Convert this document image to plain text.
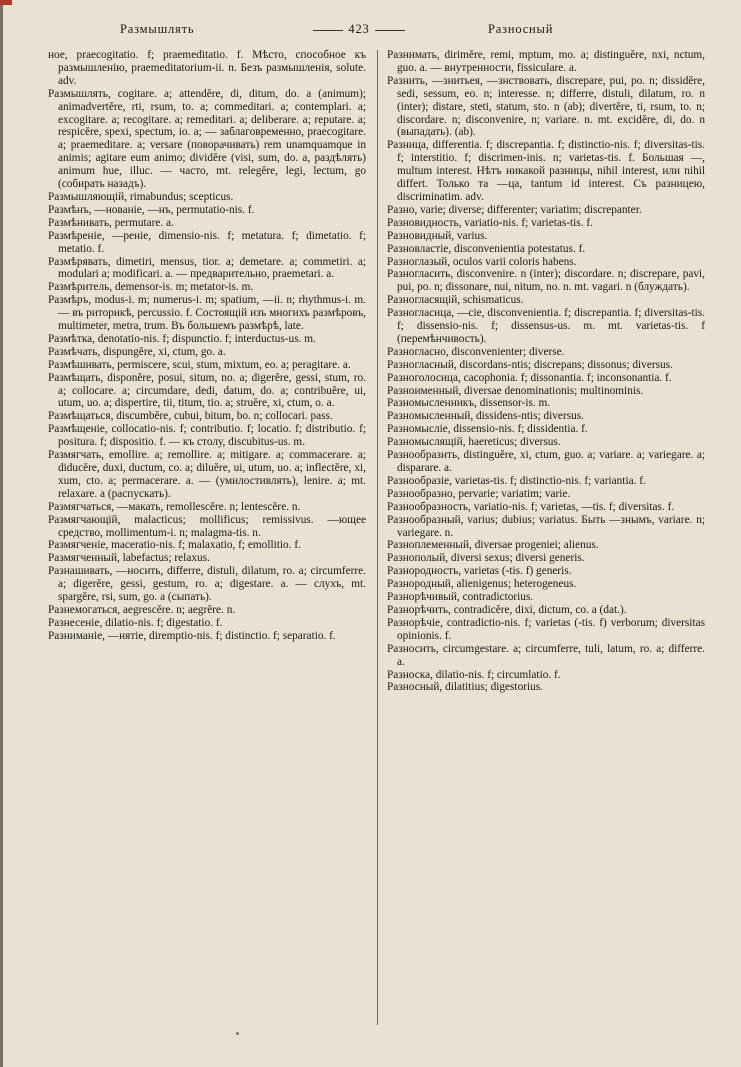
Размышлять	423	Разносный

ное, praecogitatio. f; praemeditatio. f. Мѣсто, способное къ размышленію, praemeditatorium-ii. n. Безъ размышленія, solute. adv.

Размышлять, cogitare. a; attendĕre, di, ditum, do. a (animum); animadvertĕre, rti, rsum, to. a; commeditari. a; contemplari. a; excogitare. a; recogitare. a; remeditari. a; deliberare. a; reputare. a; respicĕre, spexi, spectum, io. a; — заблаговременно, praecogitare. a; praemeditare. a; versare (поворачивать) rem unamquamque in animis; agitare eum animo; dividĕre (visi, sum, do. a, раздѣлять) animum hue, illuc. — часто, mt. relegĕre, legi, lectum, go (собирать назадъ).

Размышляющій, rimabundus; scepticus.

Размѣнъ, —нованіе, —нъ, permutatio-nis. f.

Размѣнивать, permutare. a.

Размѣреніе, —реніе, dimensio-nis. f; metatura. f; dimetatio. f; metatio. f.

Размѣрявать, dimetiri, mensus, tior. a; demetare. a; commetiri. a; modulari a; modificari. a. — предварительно, praemetari. a.

Размѣритель, demensor-is. m; metator-is. m.

Размѣръ, modus-i. m; numerus-i. m; spatium, —ii. n; rhythmus-i. m. — въ риторикѣ, percussio. f. Состоящій изъ многихъ размѣровъ, multimeter, metra, trum. Въ большемъ размѣрѣ, late.

Размѣтка, denotatio-nis. f; dispunctio. f; interductus-us. m.

Размѣчать, dispungĕre, xi, ctum, go. a.

Размѣшивать, permiscere, scui, stum, mixtum, eo. a; peragitare. a.

Размѣщать, disponĕre, posui, situm, no. a; digerĕre, gessi, stum, ro. a; collocare. a; circumdare, dedi, datum, do. a; contribuĕre, ui, utum, uo. a; dispertire, tii, titum, tio. a; struĕre, xi, ctum, o. a.

Размѣщаться, discumbĕre, cubui, bitum, bo. n; collocari. pass.

Размѣщеніе, collocatio-nis. f; contributio. f; locatio. f; distributio. f; positura. f; dispositio. f. — къ столу, discubitus-us. m.

Размягчать, emollire. a; remollire. a; mitigare. a; commacerare. a; diducĕre, duxi, ductum, co. a; diluĕre, ui, utum, uo. a; inflectĕre, xi, xum, cto. a; permacerare. a. — (умилостивлять), lenire. a; mt. relaxare. a (распускать).

Размягчаться, —макать, remollescĕre. n; lentescĕre. n.

Размягчающій, malacticus; mollificus; remissivus. —ющее средство, mollimentum-i. n; malagma-tis. n.

Размягченіе, maceratio-nis. f; malaxatio, f; emollitio. f.

Размягченный, labefactus; relaxus.

Разнашивать, —носить, differre, distuli, dilatum, ro. a; circumferre. a; digerĕre, gessi, gestum, ro. a; digestare. a. — слухъ, mt. spargĕre, rsi, sum, go. a (сыпать).

Разнемогаться, aegrescĕre. n; aegrĕre. n.

Разнесеніе, dilatio-nis. f; digestatio. f.

Разниманіе, —нятіе, diremptio-nis. f; distinctio. f; separatio. f.

Разнимать, dirimĕre, remi, mptum, mo. a; distinguĕre, nxi, nctum, guo. a. — внутренности, fissiculare. a.

Разнить, —знитьея, —знствовать, discrepare, pui, po. n; dissidĕre, sedi, sessum, eo. n; interesse. n; differre, distuli, dilatum, ro. n (inter); distare, steti, statum, sto. n (ab); divertĕre, ti, rsum, to. n; discordare. n; disconvenire, n; variare. n. mt. excidĕre, di, do. n (выпадать). (ab).

Разница, differentia. f; discrepantia. f; distinctio-nis. f; diversitas-tis. f; interstitio. f; discrimen-inis. n; varietas-tis. f. Большая —, multum interest. Нѣтъ никакой разницы, nihil interest, или nihil differt. Только та —ца, tantum id interest. Съ разницею, discriminatim. adv.

Разно, varie; diverse; differenter; variatim; discrepanter.

Разновидность, variatio-nis. f; varietas-tis. f.

Разновидный, varius.

Разновластіе, disconvenientia potestatus. f.

Разноглазый, oculos varii coloris habens.

Разногласить, disconvenire. n (inter); discordare. n; discrepare, pavi, pui, po. n; dissonare, nui, nitum, no. n. mt. vagari. n (блуждать).

Разногласящій, schismaticus.

Разногласица, —сіе, disconvenientia. f; discrepantia. f; diversitas-tis. f; dissensio-nis. f; dissensus-us. m. mt. varietas-tis. f (перемѣнчивость).

Разногласно, disconvenienter; diverse.

Разногласный, discordans-ntis; discrepans; dissonus; diversus.

Разноголосица, cacophonia. f; dissonantia. f; inconsonantia. f.

Разноименный, diversae denominationis; multinominis.

Разномысленникъ, dissensor-is. m.

Разномысленный, dissidens-ntis; diversus.

Разномысліе, dissensio-nis. f; dissidentia. f.

Разномыслящій, haereticus; diversus.

Разнообразить, distinguĕre, xi, ctum, guo. a; variare. a; variegare. a; disparare. a.

Разнообразіе, varietas-tis. f; distinctio-nis. f; variantia. f.

Разнообразно, pervarie; variatim; varie.

Разнообразность, variatio-nis. f; varietas, —tis. f; diversitas. f.

Разнообразный, varius; dubius; variatus. Быть —знымъ, variare. n; variegare. n.

Разноплеменный, diversae progeniei; alienus.

Разнополый, diversi sexus; diversi generis.

Разнородность, varietas (-tis. f) generis.

Разнородный, alienigenus; heterogeneus.

Разнорѣчивый, contradictorius.

Разнорѣчить, contradicĕre, dixi, dictum, co. a (dat.).

Разнорѣчіе, contradictio-nis. f; varietas (-tis. f) verborum; diversitas opinionis. f.

Разносить, circumgestare. a; circumferre, tuli, latum, ro. a; differre. a.

Разноска, dilatio-nis. f; circumlatio. f.

Разносный, dilatitius; digestorius.
